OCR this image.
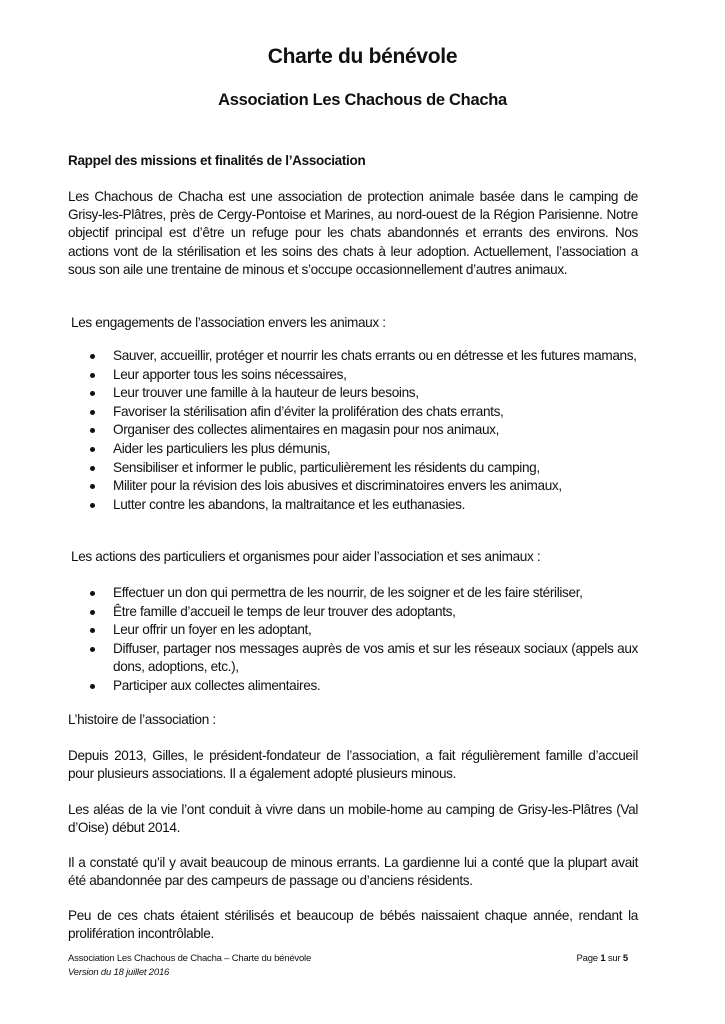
Charte du bénévole
Association Les Chachous de Chacha
Rappel des missions et finalités de l’Association

Les Chachous de Chacha est une association de protection animale basée dans le camping de Grisy-les-Plâtres, près de Cergy-Pontoise et Marines, au nord-ouest de la Région Parisienne. Notre objectif principal est d’être un refuge pour les chats abandonnés et errants des environs. Nos actions vont de la stérilisation et les soins des chats à leur adoption. Actuellement, l’association a sous son aile une trentaine de minous et s’occupe occasionnellement d’autres animaux.

Les engagements de l’association envers les animaux :
Sauver, accueillir, protéger et nourrir les chats errants ou en détresse et les futures mamans,
Leur apporter tous les soins nécessaires,
Leur trouver une famille à la hauteur de leurs besoins,
Favoriser la stérilisation afin d’éviter la prolifération des chats errants,
Organiser des collectes alimentaires en magasin pour nos animaux,
Aider les particuliers les plus démunis,
Sensibiliser et informer le public, particulièrement les résidents du camping,
Militer pour la révision des lois abusives et discriminatoires envers les animaux,
Lutter contre les abandons, la maltraitance et les euthanasies.
Les actions des particuliers et organismes pour aider l’association et ses animaux :
Effectuer un don qui permettra de les nourrir, de les soigner et de les faire stériliser,
Être famille d’accueil le temps de leur trouver des adoptants,
Leur offrir un foyer en les adoptant,
Diffuser, partager nos messages auprès de vos amis et sur les réseaux sociaux (appels aux dons, adoptions, etc.),
Participer aux collectes alimentaires.
L’histoire de l’association :

Depuis 2013, Gilles, le président-fondateur de l’association, a fait régulièrement famille d’accueil pour plusieurs associations. Il a également adopté plusieurs minous.

Les aléas de la vie l’ont conduit à vivre dans un mobile-home au camping de Grisy-les-Plâtres (Val d’Oise) début 2014.

Il a constaté qu’il y avait beaucoup de minous errants. La gardienne lui a conté que la plupart avait été abandonnée par des campeurs de passage ou d’anciens résidents.

Peu de ces chats étaient stérilisés et beaucoup de bébés naissaient chaque année, rendant la prolifération incontrôlable.

Association Les Chachous de Chacha – Charte du bénévole
Version du 18 juillet 2016
Page 1 sur 5
